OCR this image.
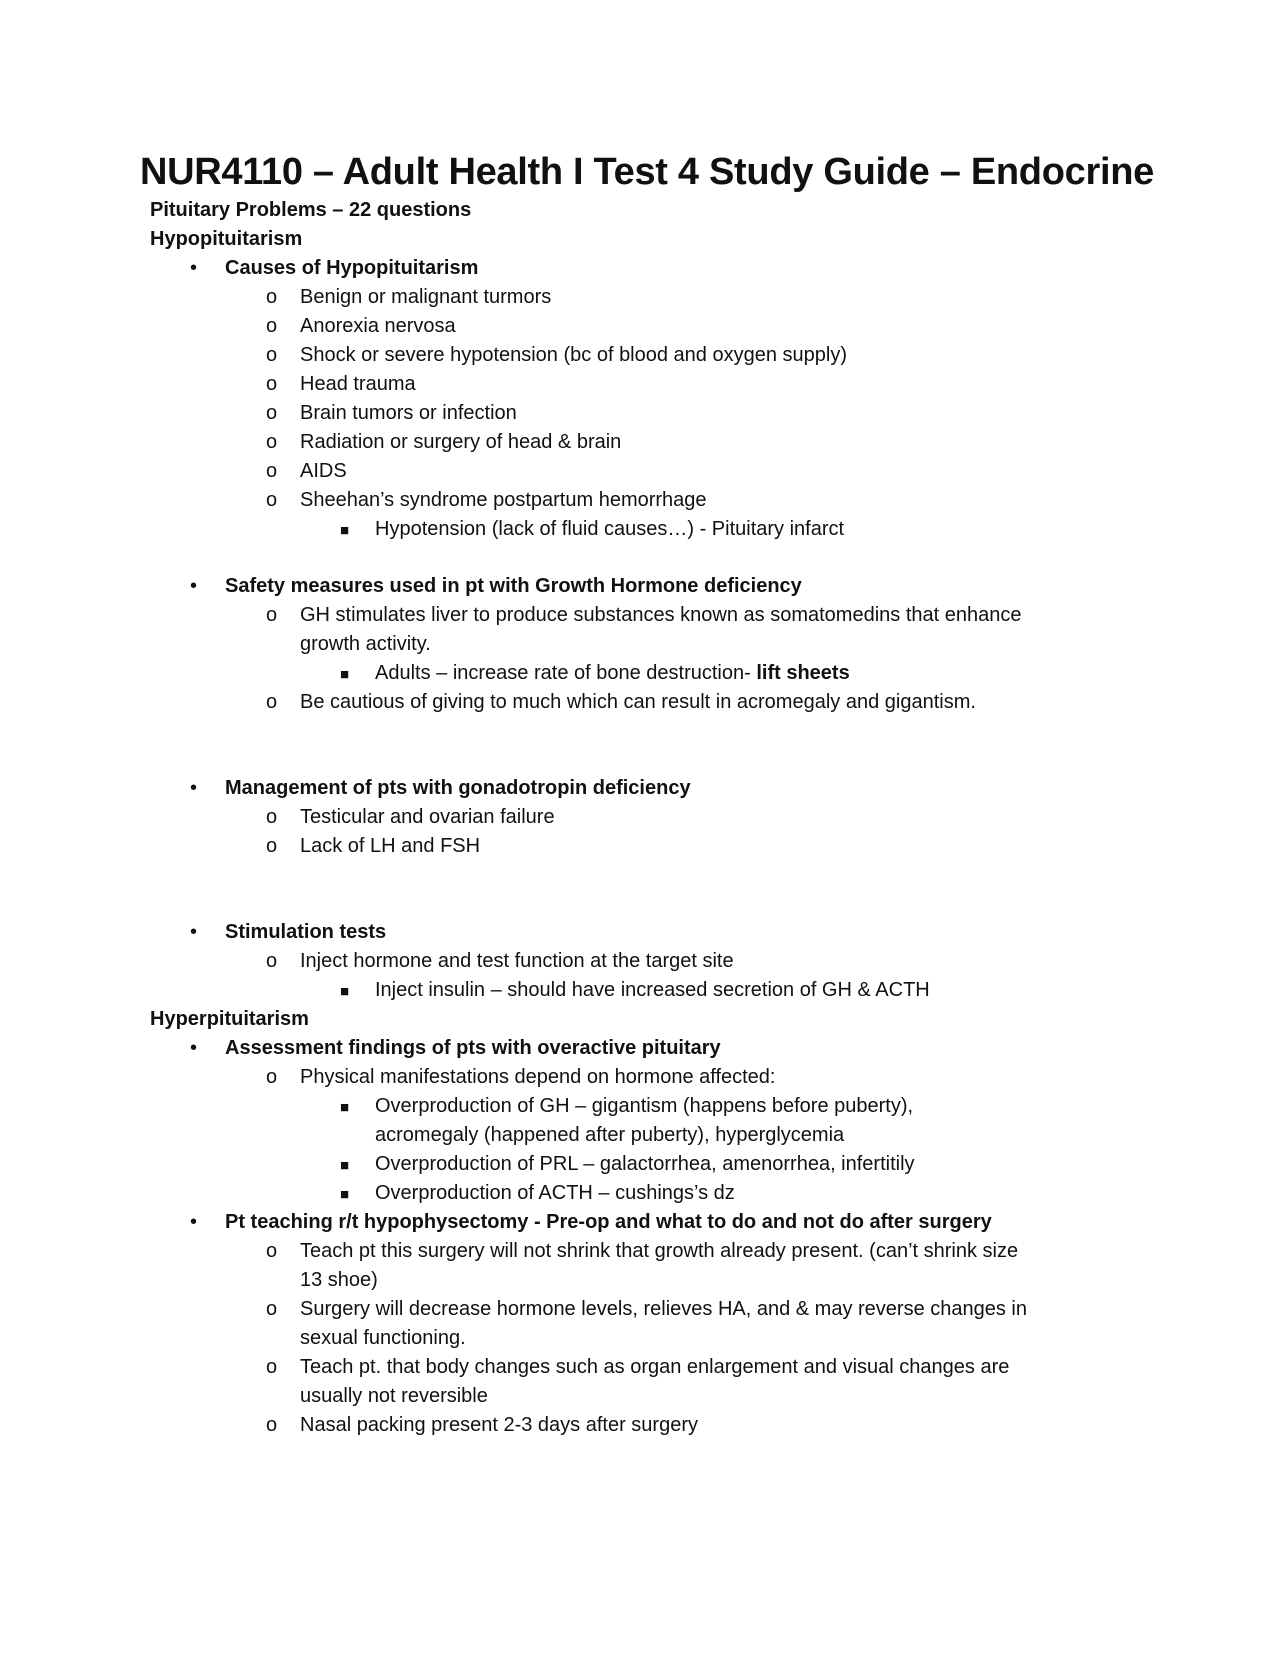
NUR4110 – Adult Health I Test 4 Study Guide – Endocrine
Pituitary Problems – 22 questions
Hypopituitarism
•
Causes of Hypopituitarism
o
Benign or malignant turmors
o
Anorexia nervosa
o
Shock or severe hypotension (bc of blood and oxygen supply)
o
Head trauma
o
Brain tumors or infection
o
Radiation or surgery of head & brain
o
AIDS
o
Sheehan’s syndrome postpartum hemorrhage
■
Hypotension (lack of fluid causes…) - Pituitary infarct
•
Safety measures used in pt with Growth Hormone deficiency
o
GH stimulates liver to produce substances known as somatomedins that enhance
growth activity.
■
Adults – increase rate of bone destruction- lift sheets
o
Be cautious of giving to much which can result in acromegaly and gigantism.
•
Management of pts with gonadotropin deficiency
o
Testicular and ovarian failure
o
Lack of LH and FSH
•
Stimulation tests
o
Inject hormone and test function at the target site
■
Inject insulin – should have increased secretion of GH & ACTH
Hyperpituitarism
•
Assessment findings of pts with overactive pituitary
o
Physical manifestations depend on hormone affected:
■
Overproduction of GH – gigantism (happens before puberty),
acromegaly (happened after puberty), hyperglycemia
■
Overproduction of PRL – galactorrhea, amenorrhea, infertitily
■
Overproduction of ACTH – cushings’s dz
•
Pt teaching r/t hypophysectomy - Pre-op and what to do and not do after surgery
o
Teach pt this surgery will not shrink that growth already present. (can’t shrink size
13 shoe)
o
Surgery will decrease hormone levels, relieves HA, and & may reverse changes in
sexual functioning.
o
Teach pt. that body changes such as organ enlargement and visual changes are
usually not reversible
o
Nasal packing present 2-3 days after surgery
